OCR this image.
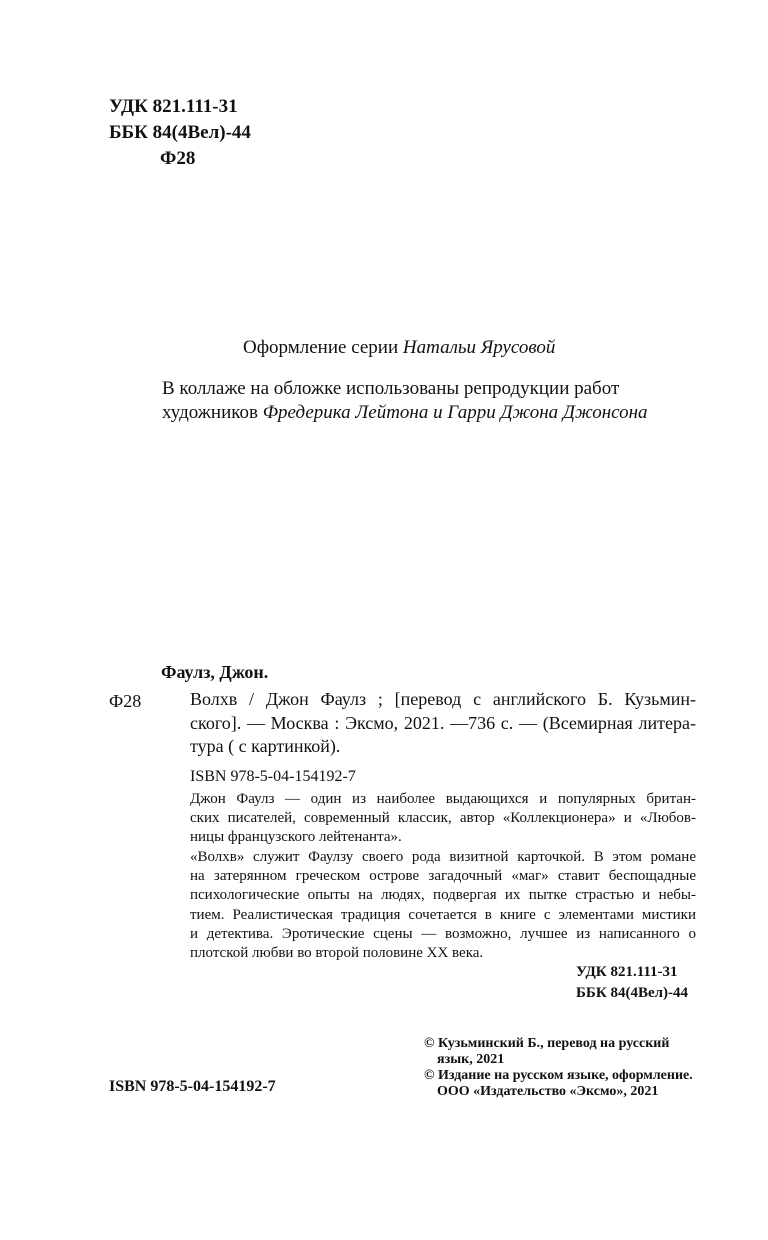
УДК 821.111-31

ББК 84(4Вел)-44

Ф28

Оформление серии Натальи Ярусовой

В коллаже на обложке использованы репродукции работ

художников Фредерика Лейтона и Гарри Джона Джонсона

Фаулз, Джон.

Ф28	Волхв / Джон Фаулз ; [перевод с английского Б. Кузьмин-

ского]. — Москва : Эксмо, 2021. —736 с. — (Всемирная литера-

тура ( с картинкой).

ISBN 978-5-04-154192-7

Джон Фаулз — один из наиболее выдающихся и популярных британ-

ских писателей, современный классик, автор «Коллекционера» и «Любов-

ницы французского лейтенанта».

«Волхв» служит Фаулзу своего рода визитной карточкой. В этом романе

на затерянном греческом острове загадочный «маг» ставит беспощадные

психологические опыты на людях, подвергая их пытке страстью и небы-

тием. Реалистическая традиция сочетается в книге с элементами мистики

и детектива. Эротические сцены — возможно, лучшее из написанного о

плотской любви во второй половине XX века.

УДК 821.111-31

ББК 84(4Вел)-44

© Кузьминский Б., перевод на русский

язык, 2021

© Издание на русском языке, оформление.

ООО «Издательство «Эксмо», 2021

ISBN 978-5-04-154192-7
